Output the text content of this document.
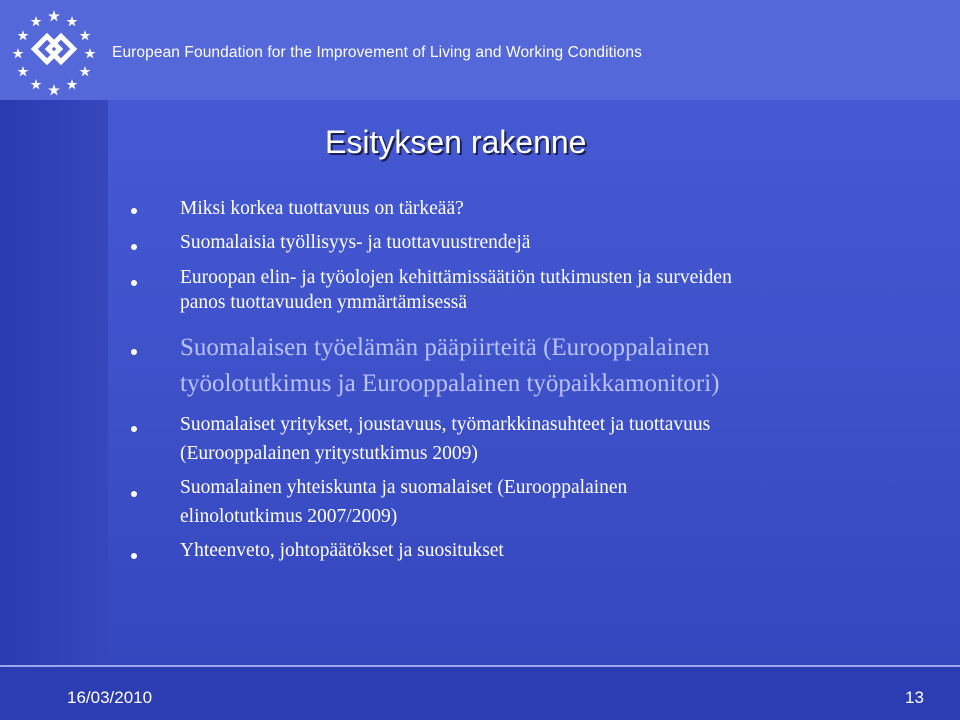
European Foundation for the Improvement of Living and Working Conditions
Esityksen rakenne
Miksi korkea tuottavuus on tärkeää?
Suomalaisia työllisyys- ja tuottavuustrendejä
Euroopan elin- ja työolojen kehittämissäätiön tutkimusten ja surveiden
panos tuottavuuden ymmärtämisessä
Suomalaisen työelämän pääpiirteitä (Eurooppalainen
työolotutkimus ja Eurooppalainen työpaikkamonitori)
Suomalaiset yritykset, joustavuus, työmarkkinasuhteet ja tuottavuus
(Eurooppalainen yritystutkimus 2009)
Suomalainen yhteiskunta ja suomalaiset (Eurooppalainen
elinolotutkimus 2007/2009)
Yhteenveto, johtopäätökset ja suositukset
16/03/2010	13
